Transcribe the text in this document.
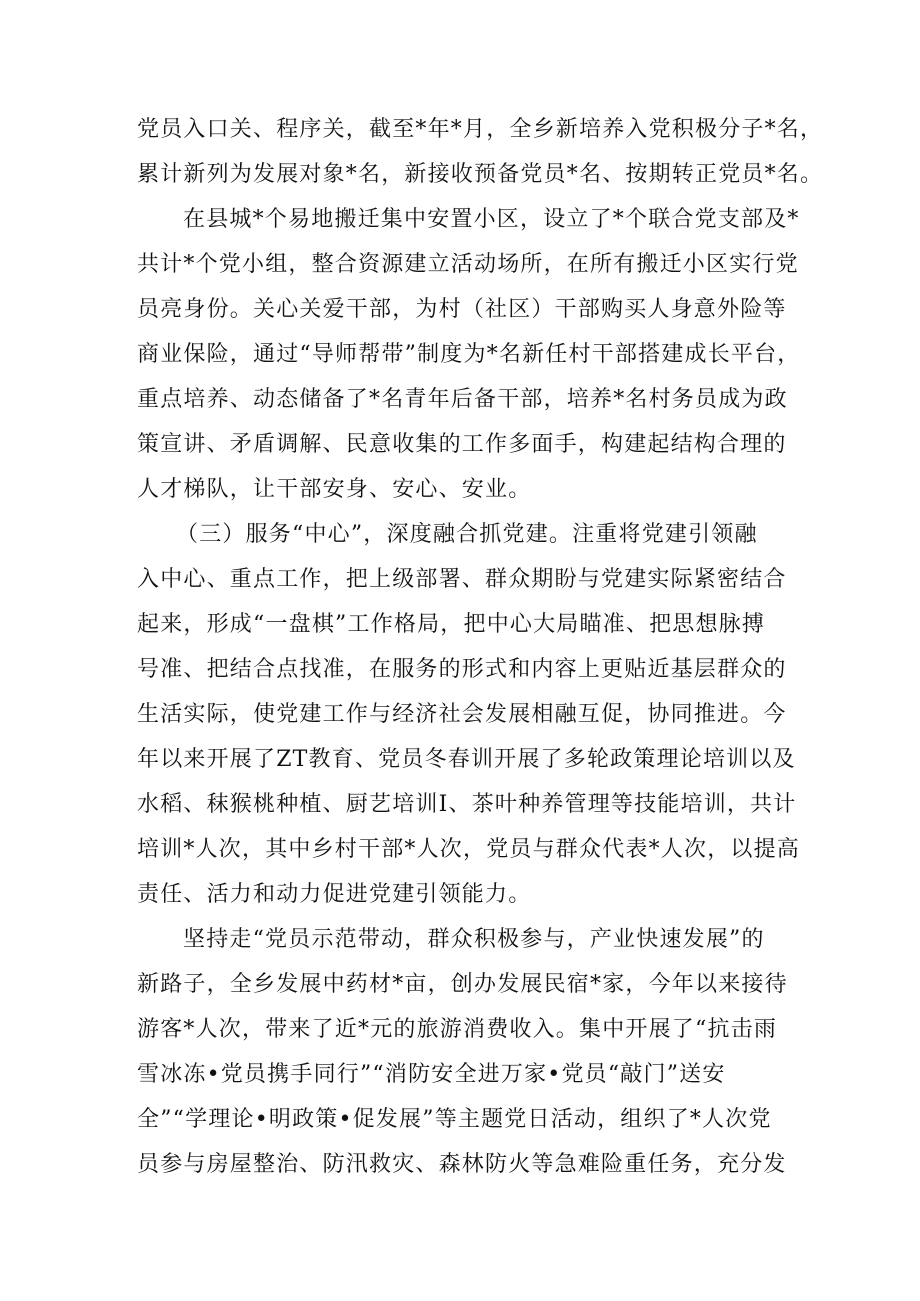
党员入口关、程序关，截至*年*月，全乡新培养入党积极分子*名，
累计新列为发展对象*名，新接收预备党员*名、按期转正党员*名。
在县城*个易地搬迁集中安置小区，设立了*个联合党支部及*
共计*个党小组，整合资源建立活动场所，在所有搬迁小区实行党
员亮身份。关心关爱干部，为村（社区）干部购买人身意外险等
商业保险，通过“导师帮带”制度为*名新任村干部搭建成长平台，
重点培养、动态储备了*名青年后备干部，培养*名村务员成为政
策宣讲、矛盾调解、民意收集的工作多面手，构建起结构合理的
人才梯队，让干部安身、安心、安业。
（三）服务“中心”，深度融合抓党建。注重将党建引领融
入中心、重点工作，把上级部署、群众期盼与党建实际紧密结合
起来，形成“一盘棋”工作格局，把中心大局瞄准、把思想脉搏
号准、把结合点找准，在服务的形式和内容上更贴近基层群众的
生活实际，使党建工作与经济社会发展相融互促，协同推进。今
年以来开展了ZT教育、党员冬春训开展了多轮政策理论培训以及
水稻、秣猴桃种植、厨艺培训I、茶叶种养管理等技能培训，共计
培训*人次，其中乡村干部*人次，党员与群众代表*人次，以提高
责任、活力和动力促进党建引领能力。
坚持走“党员示范带动，群众积极参与，产业快速发展”的
新路子，全乡发展中药材*亩，创办发展民宿*家，今年以来接待
游客*人次，带来了近*元的旅游消费收入。集中开展了“抗击雨
雪冰冻•党员携手同行”“消防安全进万家•党员“敲门”送安
全”“学理论•明政策•促发展”等主题党日活动，组织了*人次党
员参与房屋整治、防汛救灾、森林防火等急难险重任务，充分发
